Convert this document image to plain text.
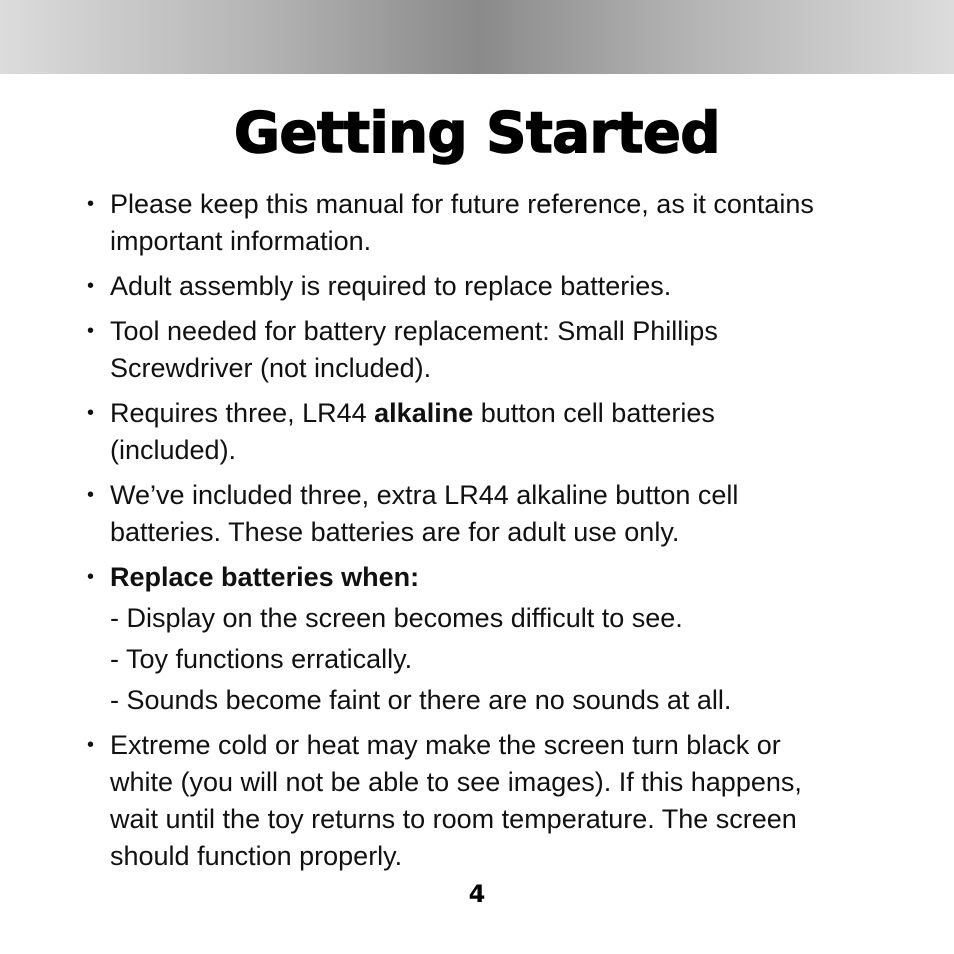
Getting Started
• Please keep this manual for future reference, as it contains important information.
• Adult assembly is required to replace batteries.
• Tool needed for battery replacement: Small Phillips Screwdriver (not included).
• Requires three, LR44 alkaline button cell batteries (included).
• We’ve included three, extra LR44 alkaline button cell batteries. These batteries are for adult use only.
• Replace batteries when:
- Display on the screen becomes difficult to see.
- Toy functions erratically.
- Sounds become faint or there are no sounds at all.
• Extreme cold or heat may make the screen turn black or white (you will not be able to see images). If this happens, wait until the toy returns to room temperature. The screen should function properly.
4
